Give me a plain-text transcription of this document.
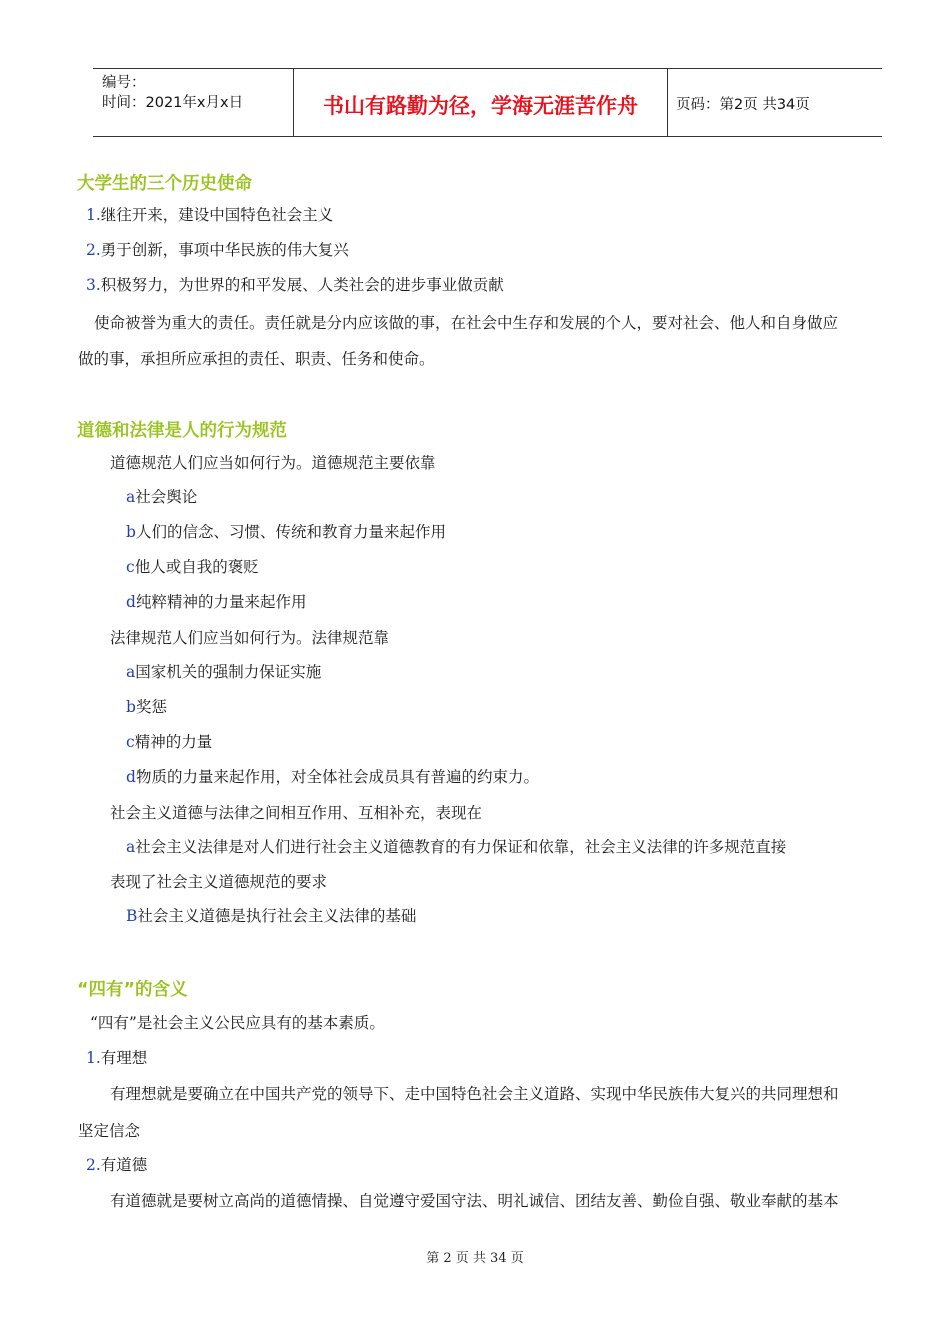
编号：
时间：2021年x月x日	书山有路勤为径，学海无涯苦作舟	页码：第2页 共34页
大学生的三个历史使命
1.继往开来，建设中国特色社会主义
2.勇于创新，事项中华民族的伟大复兴
3.积极努力，为世界的和平发展、人类社会的进步事业做贡献
使命被誉为重大的责任。责任就是分内应该做的事，在社会中生存和发展的个人，要对社会、他人和自身做应
做的事，承担所应承担的责任、职责、任务和使命。
道德和法律是人的行为规范
道德规范人们应当如何行为。道德规范主要依靠
a社会舆论
b人们的信念、习惯、传统和教育力量来起作用
c他人或自我的褒贬
d纯粹精神的力量来起作用
法律规范人们应当如何行为。法律规范靠
a国家机关的强制力保证实施
b奖惩
c精神的力量
d物质的力量来起作用，对全体社会成员具有普遍的约束力。
社会主义道德与法律之间相互作用、互相补充，表现在
a社会主义法律是对人们进行社会主义道德教育的有力保证和依靠，社会主义法律的许多规范直接
表现了社会主义道德规范的要求
B社会主义道德是执行社会主义法律的基础
“四有”的含义
“四有”是社会主义公民应具有的基本素质。
1.有理想
有理想就是要确立在中国共产党的领导下、走中国特色社会主义道路、实现中华民族伟大复兴的共同理想和
坚定信念
2.有道德
有道德就是要树立高尚的道德情操、自觉遵守爱国守法、明礼诚信、团结友善、勤俭自强、敬业奉献的基本
第 2 页 共 34 页
